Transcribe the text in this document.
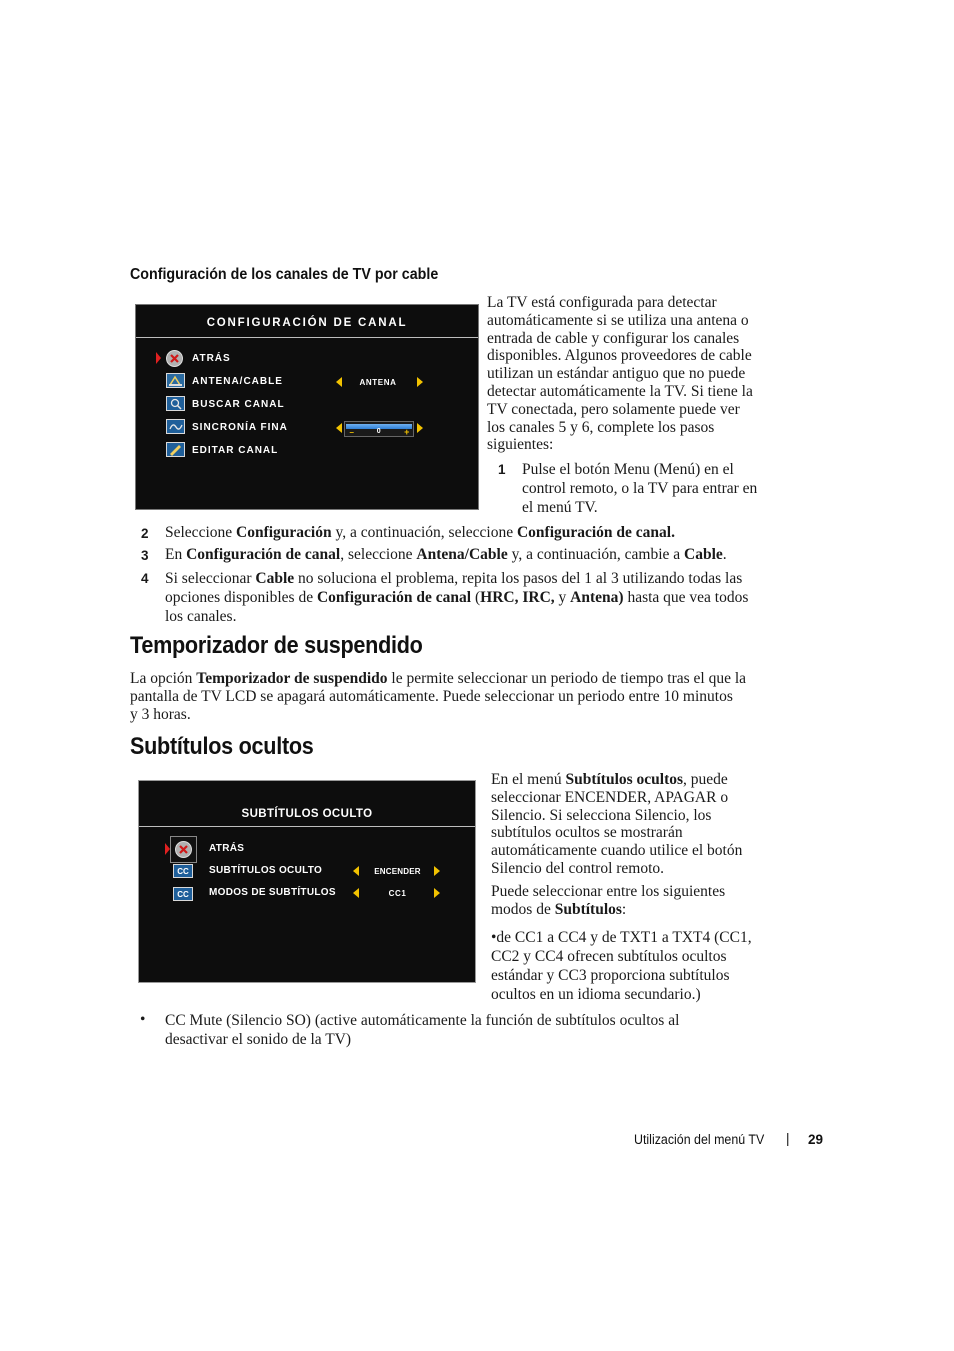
Configuración de los canales de TV por cable
CONFIGURACIÓN DE CANAL
ATRÁS
ANTENA/CABLE	ANTENA
BUSCAR CANAL
SINCRONÍA FINA	0
–	+
EDITAR CANAL
La TV está configurada para detectar
automáticamente si se utiliza una antena o
entrada de cable y configurar los canales
disponibles. Algunos proveedores de cable
utilizan un estándar antiguo que no puede
detectar automáticamente la TV. Si tiene la
TV conectada, pero solamente puede ver
los canales 5 y 6, complete los pasos
siguientes:
1 Pulse el botón Menu (Menú) en el
control remoto, o la TV para entrar en
el menú TV.
2 Seleccione Configuración y, a continuación, seleccione Configuración de canal.
3 En Configuración de canal, seleccione Antena/Cable y, a continuación, cambie a Cable.
4 Si seleccionar Cable no soluciona el problema, repita los pasos del 1 al 3 utilizando todas las
opciones disponibles de Configuración de canal (HRC, IRC, y Antena) hasta que vea todos
los canales.
Temporizador de suspendido
La opción Temporizador de suspendido le permite seleccionar un periodo de tiempo tras el que la
pantalla de TV LCD se apagará automáticamente. Puede seleccionar un periodo entre 10 minutos
y 3 horas.
Subtítulos ocultos
SUBTÍTULOS OCULTO
ATRÁS
CC SUBTÍTULOS OCULTO	ENCENDER
CC MODOS DE SUBTÍTULOS	CC1
En el menú Subtítulos ocultos, puede
seleccionar ENCENDER, APAGAR o
Silencio. Si selecciona Silencio, los
subtítulos ocultos se mostrarán
automáticamente cuando utilice el botón
Silencio del control remoto.
Puede seleccionar entre los siguientes
modos de Subtítulos:
•de CC1 a CC4 y de TXT1 a TXT4 (CC1,
CC2 y CC4 ofrecen subtítulos ocultos
estándar y CC3 proporciona subtítulos
ocultos en un idioma secundario.)
• CC Mute (Silencio SO) (active automáticamente la función de subtítulos ocultos al
desactivar el sonido de la TV)
Utilización del menú TV | 29
